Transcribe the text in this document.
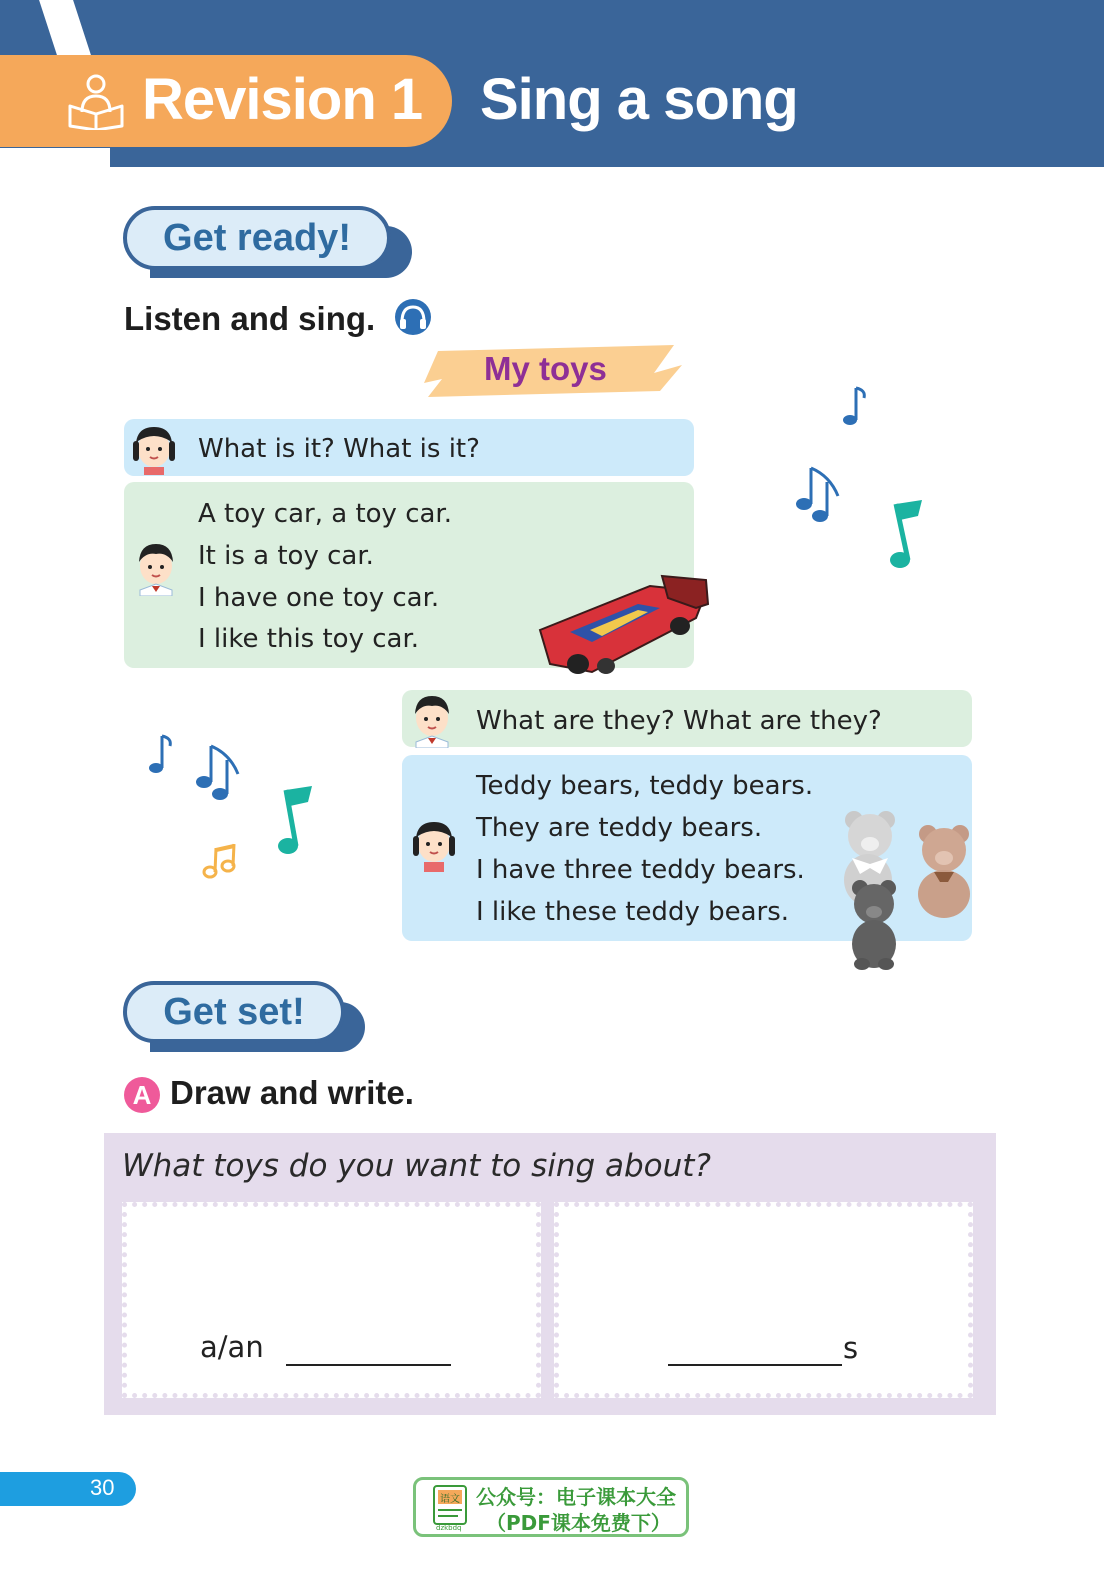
Revision 1 Sing a song
Get ready!
Listen and sing.
My toys
What is it? What is it?
A toy car, a toy car.
It is a toy car.
I have one toy car.
I like this toy car.
What are they? What are they?
Teddy bears, teddy bears.
They are teddy bears.
I have three teddy bears.
I like these teddy bears.
Get set!
A Draw and write.
What toys do you want to sing about?
a/an	s
30	语文
dzkbdq
公众号：电子课本大全
（PDF课本免费下）
